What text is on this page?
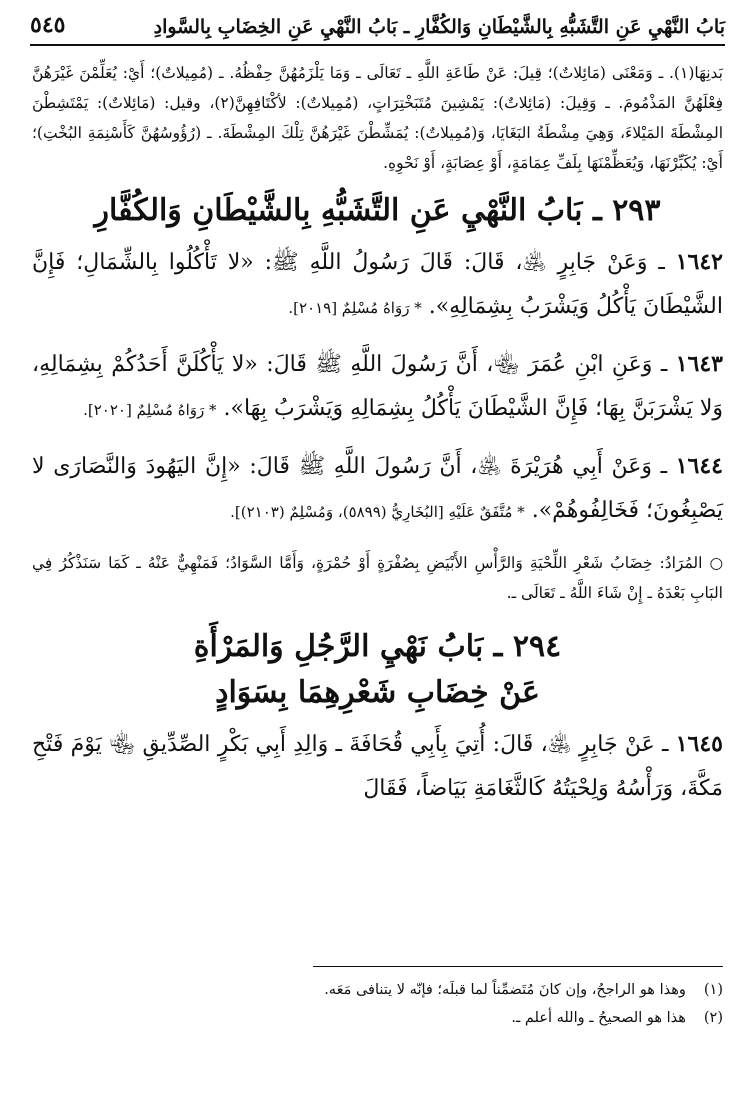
بَابُ النَّهْيِ عَنِ التَّشَبُّهِ بِالشَّيْطَانِ وَالكُفَّارِ ـ بَابُ النَّهْيِ عَنِ الخِضَابِ بِالسَّوادِ
٥٤٥

بَدنِهَا(١). ـ وَمَعْنَى (مَائِلاتٌ)؛ قِيلَ: عَنْ طَاعَةِ اللَّهِ ـ تَعَالَى ـ وَمَا يَلْزَمُهُنَّ حِفْظُهُ. ـ (مُمِيلاتٌ)؛ أَيْ: يُعَلِّمْنَ غَيْرَهُنَّ فِعْلَهُنَّ المَذْمُومَ. ـ وَقِيلَ: (مَائِلاتٌ): يَمْشِينَ مُتَبَخْتِرَاتٍ، (مُمِيلاتٌ): لأكْتَافِهِنَّ(٢)، وقيل: (مَائِلاتٌ): يَمْتَشِطْنَ المِشْطَةَ المَيْلاءَ، وَهِيَ مِشْطَةُ البَغَايَا، وَ(مُمِيلاتٌ): يُمَشِّطْنَ غَيْرَهُنَّ تِلْكَ المِشْطَةَ. ـ (رُؤُوسُهُنَّ كَأَسْنِمَةِ البُخْتِ)؛ أَيْ: يُكَبِّرْنَهَا، وَيُعَظِّمْنَهَا بِلَفِّ عِمَامَةٍ، أَوْ عِصَابَةٍ، أَوْ نَحْوِهِ.

٢٩٣ ـ بَابُ النَّهْيِ عَنِ التَّشَبُّهِ بِالشَّيْطَانِ وَالكُفَّارِ

١٦٤٢ ـ وَعَنْ جَابِرٍ ﵁، قَالَ: قَالَ رَسُولُ اللَّهِ ﷺ: «لا تَأْكُلُوا بِالشِّمَالِ؛ فَإِنَّ الشَّيْطَانَ يَأْكُلُ وَيَشْرَبُ بِشِمَالِهِ». * رَوَاهُ مُسْلِمٌ [٢٠١٩].

١٦٤٣ ـ وَعَنِ ابْنِ عُمَرَ ﵄، أَنَّ رَسُولَ اللَّهِ ﷺ قَالَ: «لا يَأْكُلَنَّ أَحَدُكُمْ بِشِمَالِهِ، وَلا يَشْرَبَنَّ بِهَا؛ فَإِنَّ الشَّيْطَانَ يَأْكُلُ بِشِمَالِهِ وَيَشْرَبُ بِهَا». * رَوَاهُ مُسْلِمٌ [٢٠٢٠].

١٦٤٤ ـ وَعَنْ أَبِي هُرَيْرَةَ ﵁، أَنَّ رَسُولَ اللَّهِ ﷺ قَالَ: «إِنَّ اليَهُودَ وَالنَّصَارَى لا يَصْبِغُونَ؛ فَخَالِفُوهُمْ». * مُتَّفَقٌ عَلَيْهِ [البُخَارِيُّ (٥٨٩٩)، وَمُسْلِمٌ (٢١٠٣)].

○ المُرَادُ: خِضَابُ شَعْرِ اللِّحْيَةِ وَالرَّأْسِ الأَبْيَضِ بِصُفْرَةٍ أَوْ حُمْرَةٍ، وَأَمَّا السَّوَادُ؛ فَمَنْهِيٌّ عَنْهُ ـ كَمَا سَنَذْكُرُ فِي البَابِ بَعْدَهُ ـ إِنْ شَاءَ اللَّهُ ـ تَعَالَى ـ.

٢٩٤ ـ بَابُ نَهْيِ الرَّجُلِ وَالمَرْأَةِ
عَنْ خِضَابِ شَعْرِهِمَا بِسَوَادٍ

١٦٤٥ ـ عَنْ جَابِرٍ ﵁، قَالَ: أُتِيَ بِأَبِي قُحَافَةَ ـ وَالِدِ أَبِي بَكْرٍ الصِّدِّيقِ ﵄ يَوْمَ فَتْحِ مَكَّةَ، وَرَأْسُهُ وَلِحْيَتُهُ كَالثَّغَامَةِ بَيَاضاً، فَقَالَ

(١)
وهذا هو الراجحُ، وإن كانَ مُتَضمِّناً لما قبلَه؛ فإنّه لا يتنافى مَعَه.
(٢)
هذا هو الصحيحُ ـ والله أعلم ـ.
